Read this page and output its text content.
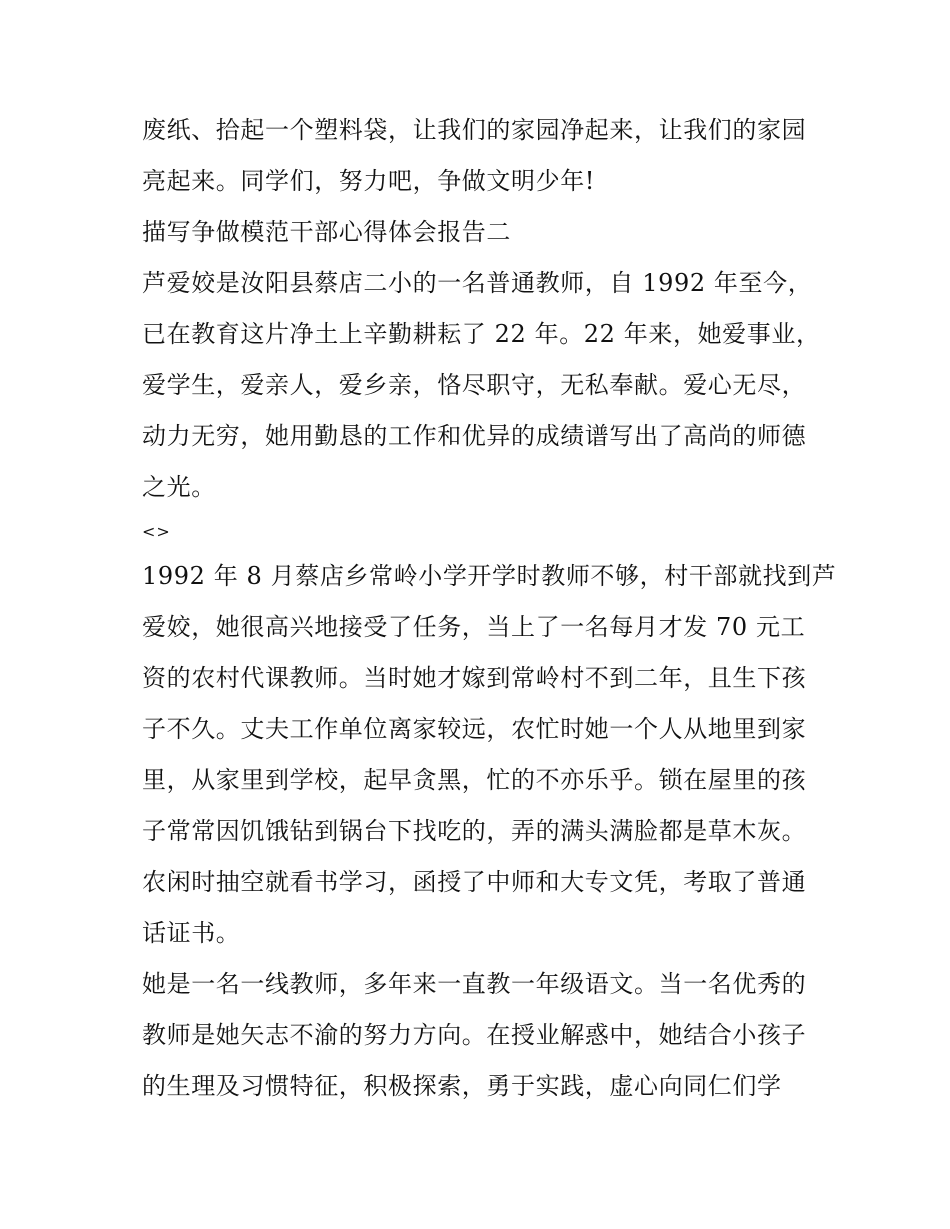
废纸、拾起一个塑料袋，让我们的家园净起来，让我们的家园
亮起来。同学们，努力吧，争做文明少年!
描写争做模范干部心得体会报告二
芦爱姣是汝阳县蔡店二小的一名普通教师，自 1992 年至今，
已在教育这片净土上辛勤耕耘了 22 年。22 年来，她爱事业，
爱学生，爱亲人，爱乡亲，恪尽职守，无私奉献。爱心无尽，
动力无穷，她用勤恳的工作和优异的成绩谱写出了高尚的师德
之光。
<>
1992 年 8 月蔡店乡常岭小学开学时教师不够，村干部就找到芦
爱姣，她很高兴地接受了任务，当上了一名每月才发 70 元工
资的农村代课教师。当时她才嫁到常岭村不到二年，且生下孩
子不久。丈夫工作单位离家较远，农忙时她一个人从地里到家
里，从家里到学校，起早贪黑，忙的不亦乐乎。锁在屋里的孩
子常常因饥饿钻到锅台下找吃的，弄的满头满脸都是草木灰。
农闲时抽空就看书学习，函授了中师和大专文凭，考取了普通
话证书。
她是一名一线教师，多年来一直教一年级语文。当一名优秀的
教师是她矢志不渝的努力方向。在授业解惑中，她结合小孩子
的生理及习惯特征，积极探索，勇于实践，虚心向同仁们学
